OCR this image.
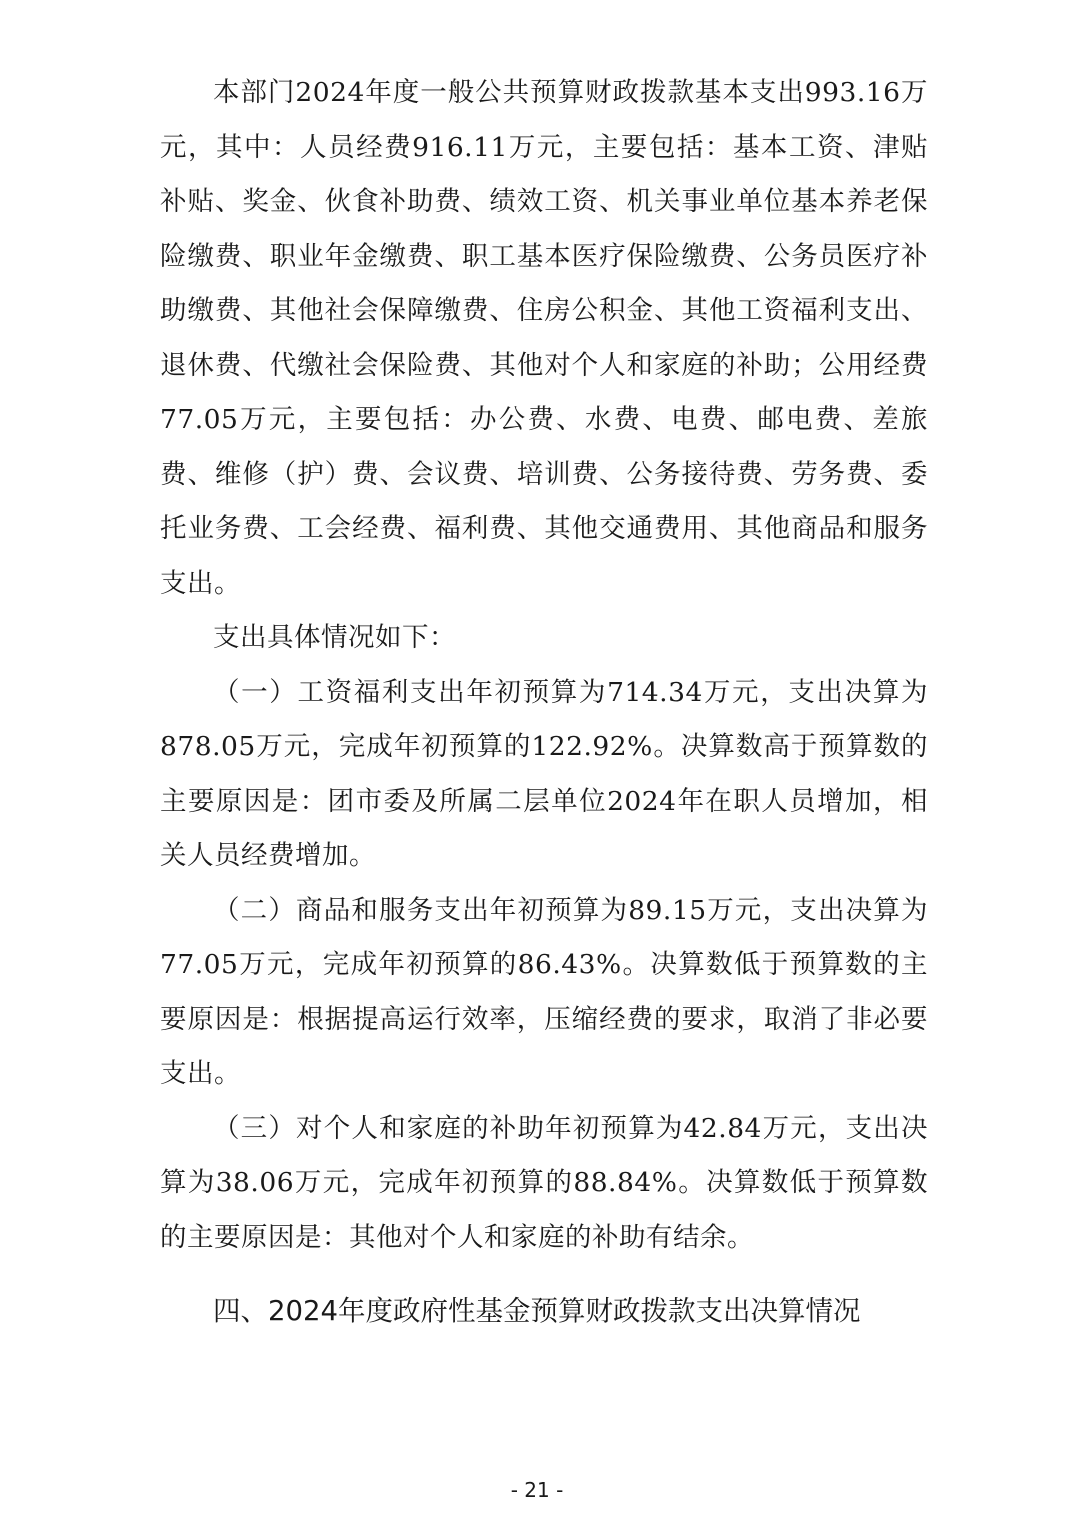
本部门2024年度一般公共预算财政拨款基本支出993.16万元，其中：人员经费916.11万元，主要包括：基本工资、津贴补贴、奖金、伙食补助费、绩效工资、机关事业单位基本养老保险缴费、职业年金缴费、职工基本医疗保险缴费、公务员医疗补助缴费、其他社会保障缴费、住房公积金、其他工资福利支出、退休费、代缴社会保险费、其他对个人和家庭的补助；公用经费77.05万元，主要包括：办公费、水费、电费、邮电费、差旅费、维修（护）费、会议费、培训费、公务接待费、劳务费、委托业务费、工会经费、福利费、其他交通费用、其他商品和服务支出。

支出具体情况如下：

（一）工资福利支出年初预算为714.34万元，支出决算为878.05万元，完成年初预算的122.92%。决算数高于预算数的主要原因是：团市委及所属二层单位2024年在职人员增加，相关人员经费增加。

（二）商品和服务支出年初预算为89.15万元，支出决算为77.05万元，完成年初预算的86.43%。决算数低于预算数的主要原因是：根据提高运行效率，压缩经费的要求，取消了非必要支出。

（三）对个人和家庭的补助年初预算为42.84万元，支出决算为38.06万元，完成年初预算的88.84%。决算数低于预算数的主要原因是：其他对个人和家庭的补助有结余。

四、2024年度政府性基金预算财政拨款支出决算情况
- 21 -
